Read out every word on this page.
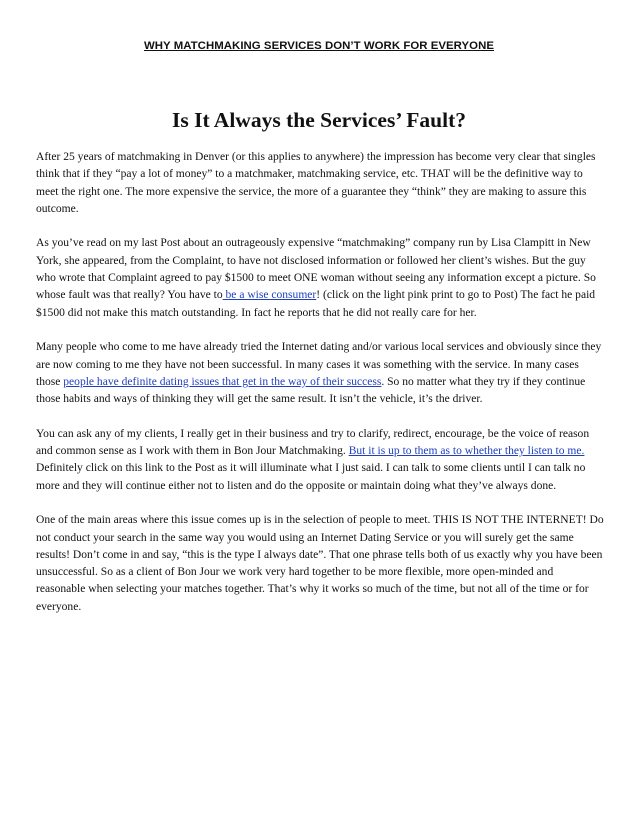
WHY MATCHMAKING SERVICES DON’T WORK FOR EVERYONE
Is It Always the Services’ Fault?

After 25 years of matchmaking in Denver (or this applies to anywhere) the impression has become very clear that singles think that if they “pay a lot of money” to a matchmaker, matchmaking service, etc. THAT will be the definitive way to meet the right one. The more expensive the service, the more of a guarantee they “think” they are making to assure this outcome.

As you’ve read on my last Post about an outrageously expensive “matchmaking” company run by Lisa Clampitt in New York, she appeared, from the Complaint, to have not disclosed information or followed her client’s wishes. But the guy who wrote that Complaint agreed to pay $1500 to meet ONE woman without seeing any information except a picture. So whose fault was that really? You have to be a wise consumer! (click on the light pink print to go to Post) The fact he paid $1500 did not make this match outstanding. In fact he reports that he did not really care for her.

Many people who come to me have already tried the Internet dating and/or various local services and obviously since they are now coming to me they have not been successful. In many cases it was something with the service. In many cases those people have definite dating issues that get in the way of their success. So no matter what they try if they continue those habits and ways of thinking they will get the same result. It isn’t the vehicle, it’s the driver.

You can ask any of my clients, I really get in their business and try to clarify, redirect, encourage, be the voice of reason and common sense as I work with them in Bon Jour Matchmaking. But it is up to them as to whether they listen to me. Definitely click on this link to the Post as it will illuminate what I just said. I can talk to some clients until I can talk no more and they will continue either not to listen and do the opposite or maintain doing what they’ve always done.

One of the main areas where this issue comes up is in the selection of people to meet. THIS IS NOT THE INTERNET! Do not conduct your search in the same way you would using an Internet Dating Service or you will surely get the same results! Don’t come in and say, “this is the type I always date”. That one phrase tells both of us exactly why you have been unsuccessful. So as a client of Bon Jour we work very hard together to be more flexible, more open-minded and reasonable when selecting your matches together. That’s why it works so much of the time, but not all of the time or for everyone.
